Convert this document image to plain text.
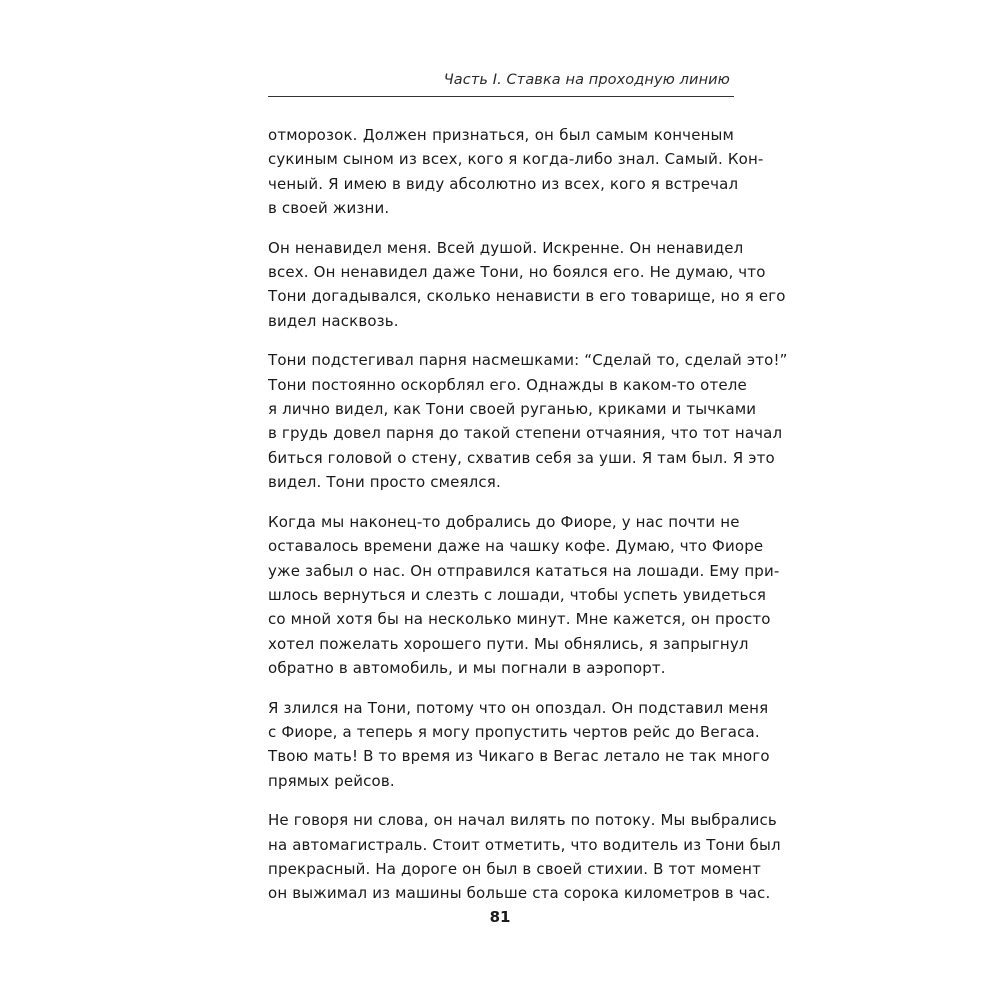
Часть I. Ставка на проходную линию

отморозок. Должен признаться, он был самым конченым
сукиным сыном из всех, кого я когда-либо знал. Самый. Кон-
ченый. Я имею в виду абсолютно из всех, кого я встречал
в своей жизни.

Он ненавидел меня. Всей душой. Искренне. Он ненавидел
всех. Он ненавидел даже Тони, но боялся его. Не думаю, что
Тони догадывался, сколько ненависти в его товарище, но я его
видел насквозь.

Тони подстегивал парня насмешками: “Сделай то, сделай это!”
Тони постоянно оскорблял его. Однажды в каком-то отеле
я лично видел, как Тони своей руганью, криками и тычками
в грудь довел парня до такой степени отчаяния, что тот начал
биться головой о стену, схватив себя за уши. Я там был. Я это
видел. Тони просто смеялся.

Когда мы наконец-то добрались до Фиоре, у нас почти не
оставалось времени даже на чашку кофе. Думаю, что Фиоре
уже забыл о нас. Он отправился кататься на лошади. Ему при-
шлось вернуться и слезть с лошади, чтобы успеть увидеться
со мной хотя бы на несколько минут. Мне кажется, он просто
хотел пожелать хорошего пути. Мы обнялись, я запрыгнул
обратно в автомобиль, и мы погнали в аэропорт.

Я злился на Тони, потому что он опоздал. Он подставил меня
с Фиоре, а теперь я могу пропустить чертов рейс до Вегаса.
Твою мать! В то время из Чикаго в Вегас летало не так много
прямых рейсов.

Не говоря ни слова, он начал вилять по потоку. Мы выбрались
на автомагистраль. Стоит отметить, что водитель из Тони был
прекрасный. На дороге он был в своей стихии. В тот момент
он выжимал из машины больше ста сорока километров в час.

81
